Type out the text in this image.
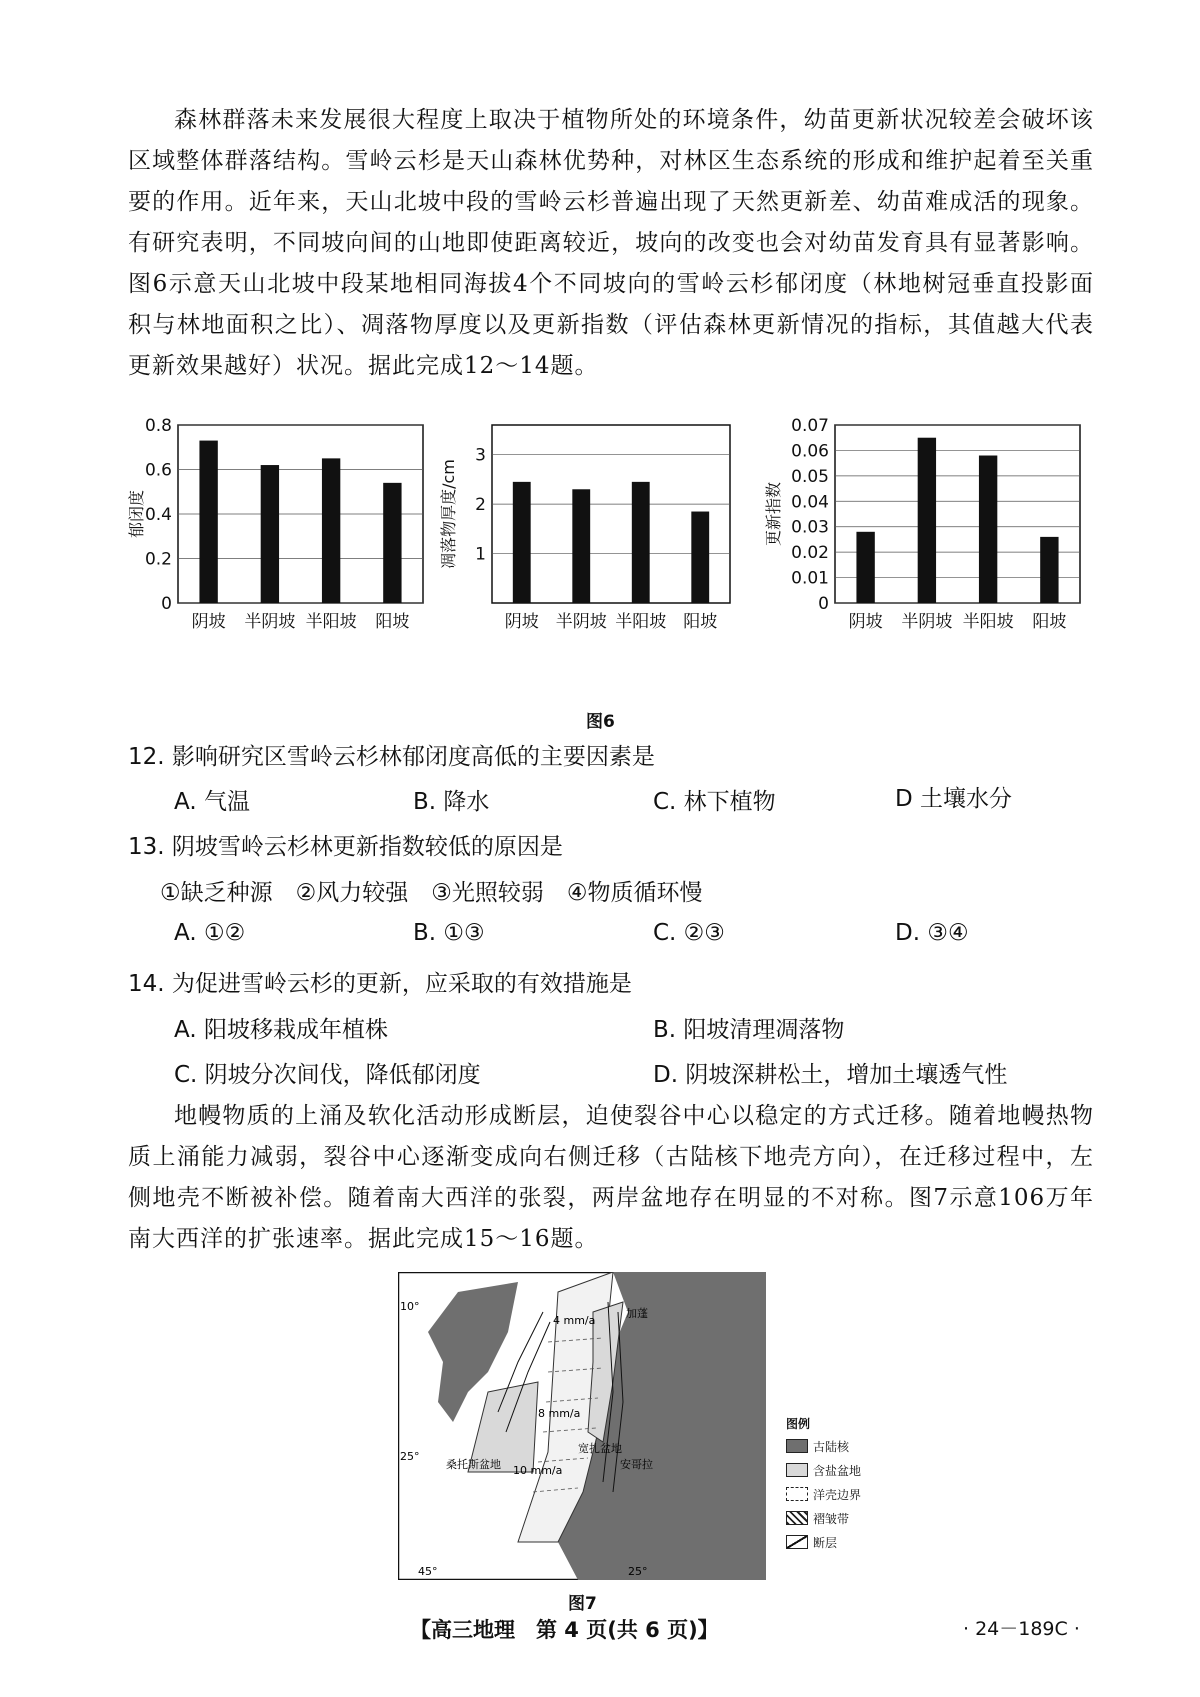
森林群落未来发展很大程度上取决于植物所处的环境条件，幼苗更新状况较差会破坏该区域整体群落结构。雪岭云杉是天山森林优势种，对林区生态系统的形成和维护起着至关重要的作用。近年来，天山北坡中段的雪岭云杉普遍出现了天然更新差、幼苗难成活的现象。有研究表明，不同坡向间的山地即使距离较近，坡向的改变也会对幼苗发育具有显著影响。图6示意天山北坡中段某地相同海拔4个不同坡向的雪岭云杉郁闭度（林地树冠垂直投影面积与林地面积之比）、凋落物厚度以及更新指数（评估森林更新情况的指标，其值越大代表更新效果越好）状况。据此完成12～14题。

0
0.2
0.4
0.6
0.8
阴坡 半阴坡 半阳坡 阳坡
郁闭度
1
2
3
阴坡 半阴坡 半阳坡 阳坡
凋落物厚度/cm
0
0.01
0.02
0.03
0.04
0.05
0.06
0.07
阴坡 半阴坡 半阳坡 阳坡
更新指数
图6
12. 影响研究区雪岭云杉林郁闭度高低的主要因素是
A. 气温	B. 降水	C. 林下植物	D 土壤水分
13. 阴坡雪岭云杉林更新指数较低的原因是
①缺乏种源　②风力较强　③光照较弱　④物质循环慢
A. ①②	B. ①③	C. ②③	D. ③④
14. 为促进雪岭云杉的更新，应采取的有效措施是
A. 阳坡移栽成年植株	B. 阳坡清理凋落物
C. 阴坡分次间伐，降低郁闭度	D. 阴坡深耕松土，增加土壤透气性

地幔物质的上涌及软化活动形成断层，迫使裂谷中心以稳定的方式迁移。随着地幔热物质上涌能力减弱，裂谷中心逐渐变成向右侧迁移（古陆核下地壳方向），在迁移过程中，左侧地壳不断被补偿。随着南大西洋的张裂，两岸盆地存在明显的不对称。图7示意106万年南大西洋的扩张速率。据此完成15～16题。

10°
25°
45°	25°
4 mm/a
8 mm/a
10 mm/a
加蓬
宽扎盆地
安哥拉
桑托斯盆地
图例
古陆核
含盐盆地
洋壳边界
褶皱带
断层
图7
【高三地理　第 4 页(共 6 页)】	· 24－189C ·
